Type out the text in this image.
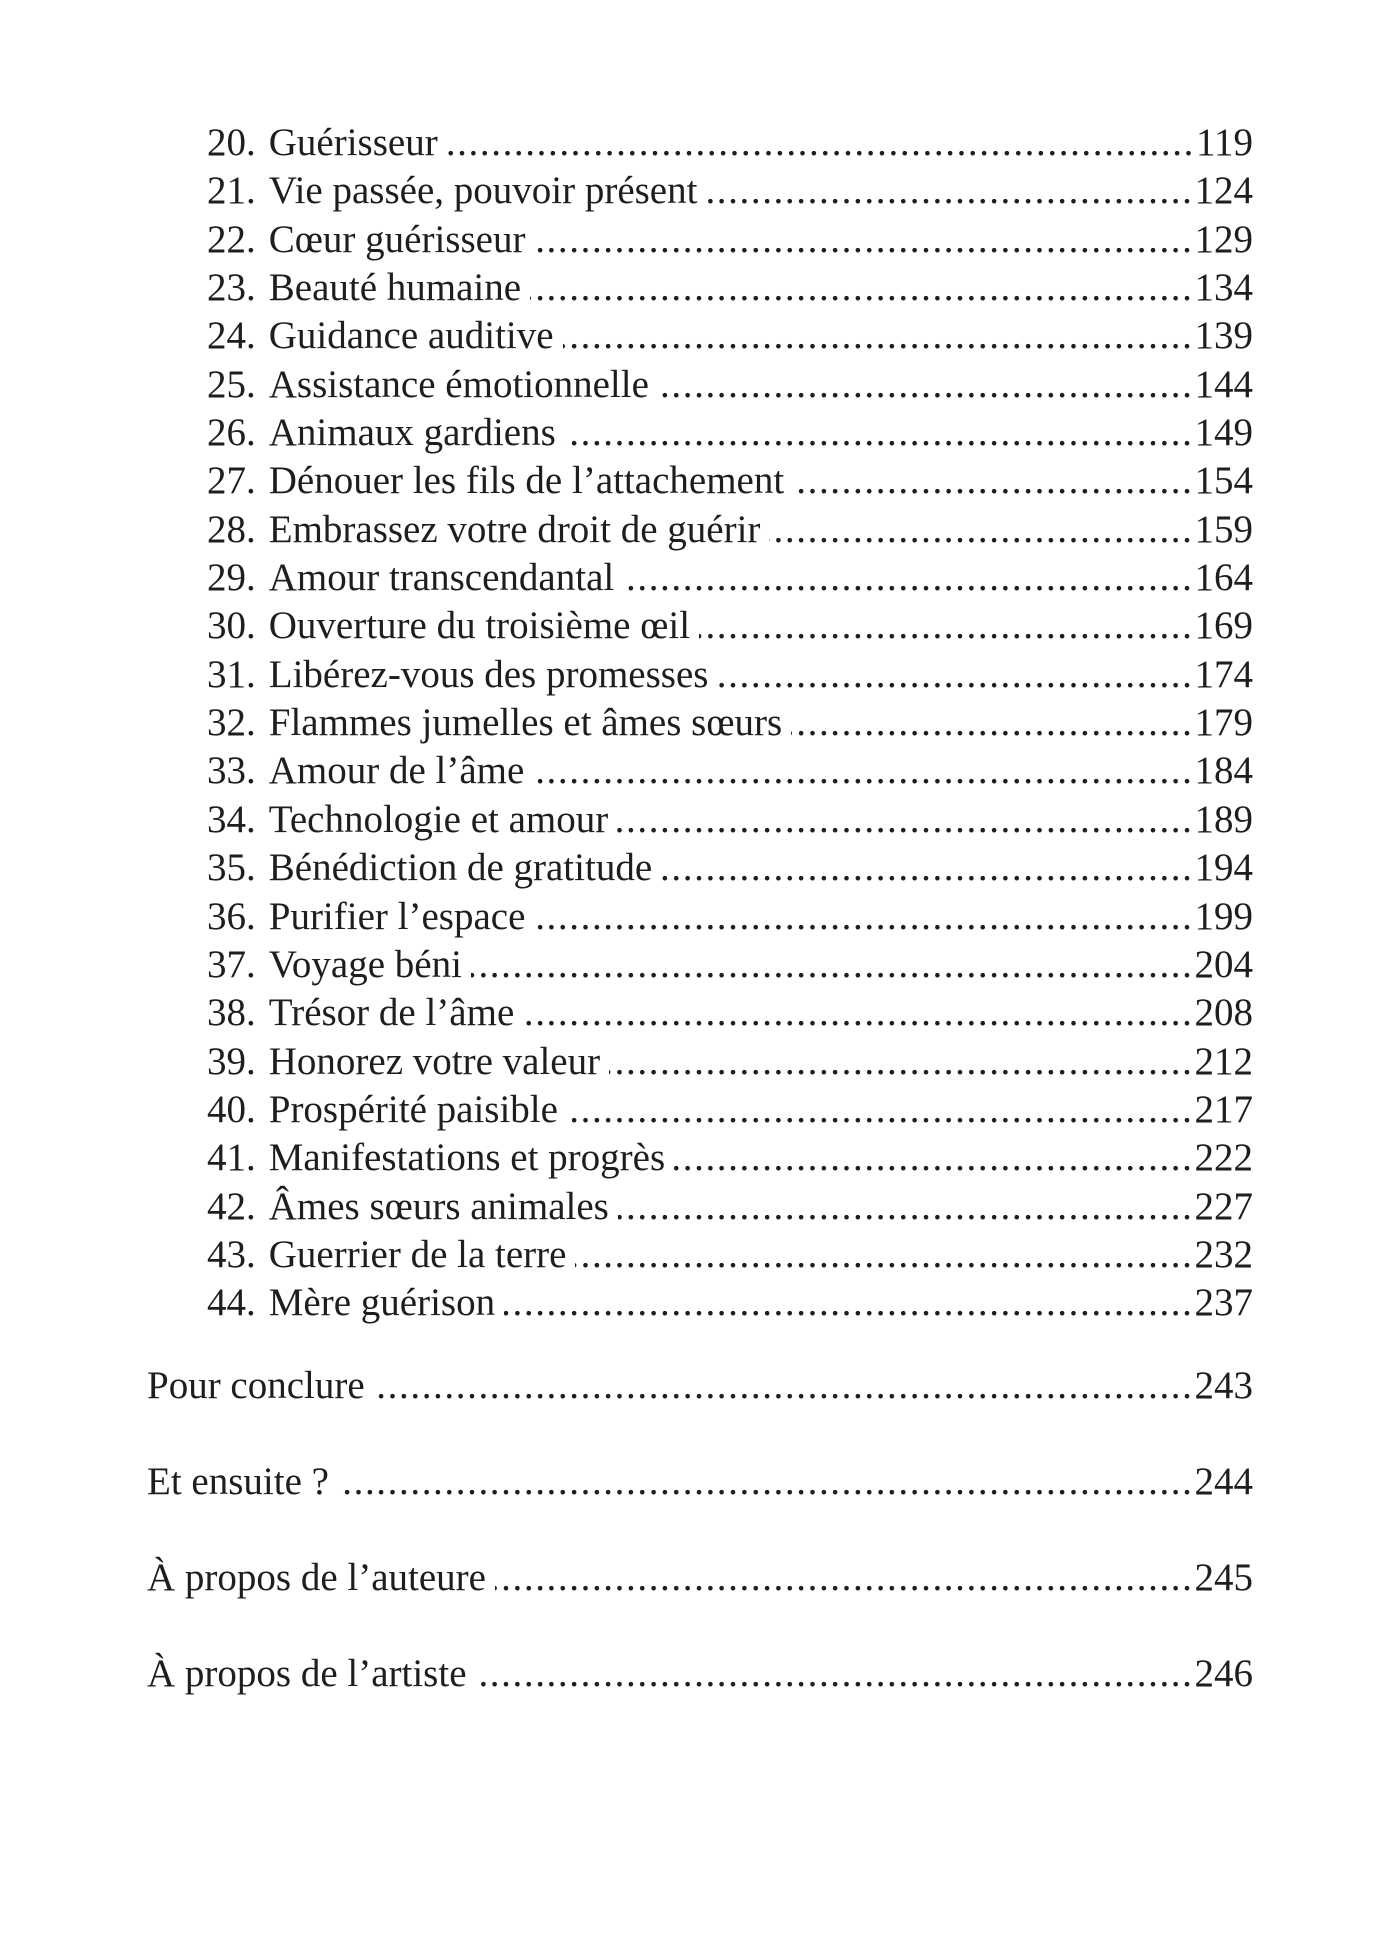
20. Guérisseur .....	119
21. Vie passée, pouvoir présent .....	124
22. Cœur guérisseur .....	129
23. Beauté humaine .....	134
24. Guidance auditive .....	139
25. Assistance émotionnelle .....	144
26. Animaux gardiens .....	149
27. Dénouer les fils de l’attachement .....	154
28. Embrassez votre droit de guérir .....	159
29. Amour transcendantal .....	164
30. Ouverture du troisième œil .....	169
31. Libérez-vous des promesses .....	174
32. Flammes jumelles et âmes sœurs .....	179
33. Amour de l’âme .....	184
34. Technologie et amour .....	189
35. Bénédiction de gratitude .....	194
36. Purifier l’espace .....	199
37. Voyage béni .....	204
38. Trésor de l’âme .....	208
39. Honorez votre valeur .....	212
40. Prospérité paisible .....	217
41. Manifestations et progrès .....	222
42. Âmes sœurs animales .....	227
43. Guerrier de la terre .....	232
44. Mère guérison .....	237
Pour conclure .....	243
Et ensuite ? .....	244
À propos de l’auteure .....	245
À propos de l’artiste .....	246
